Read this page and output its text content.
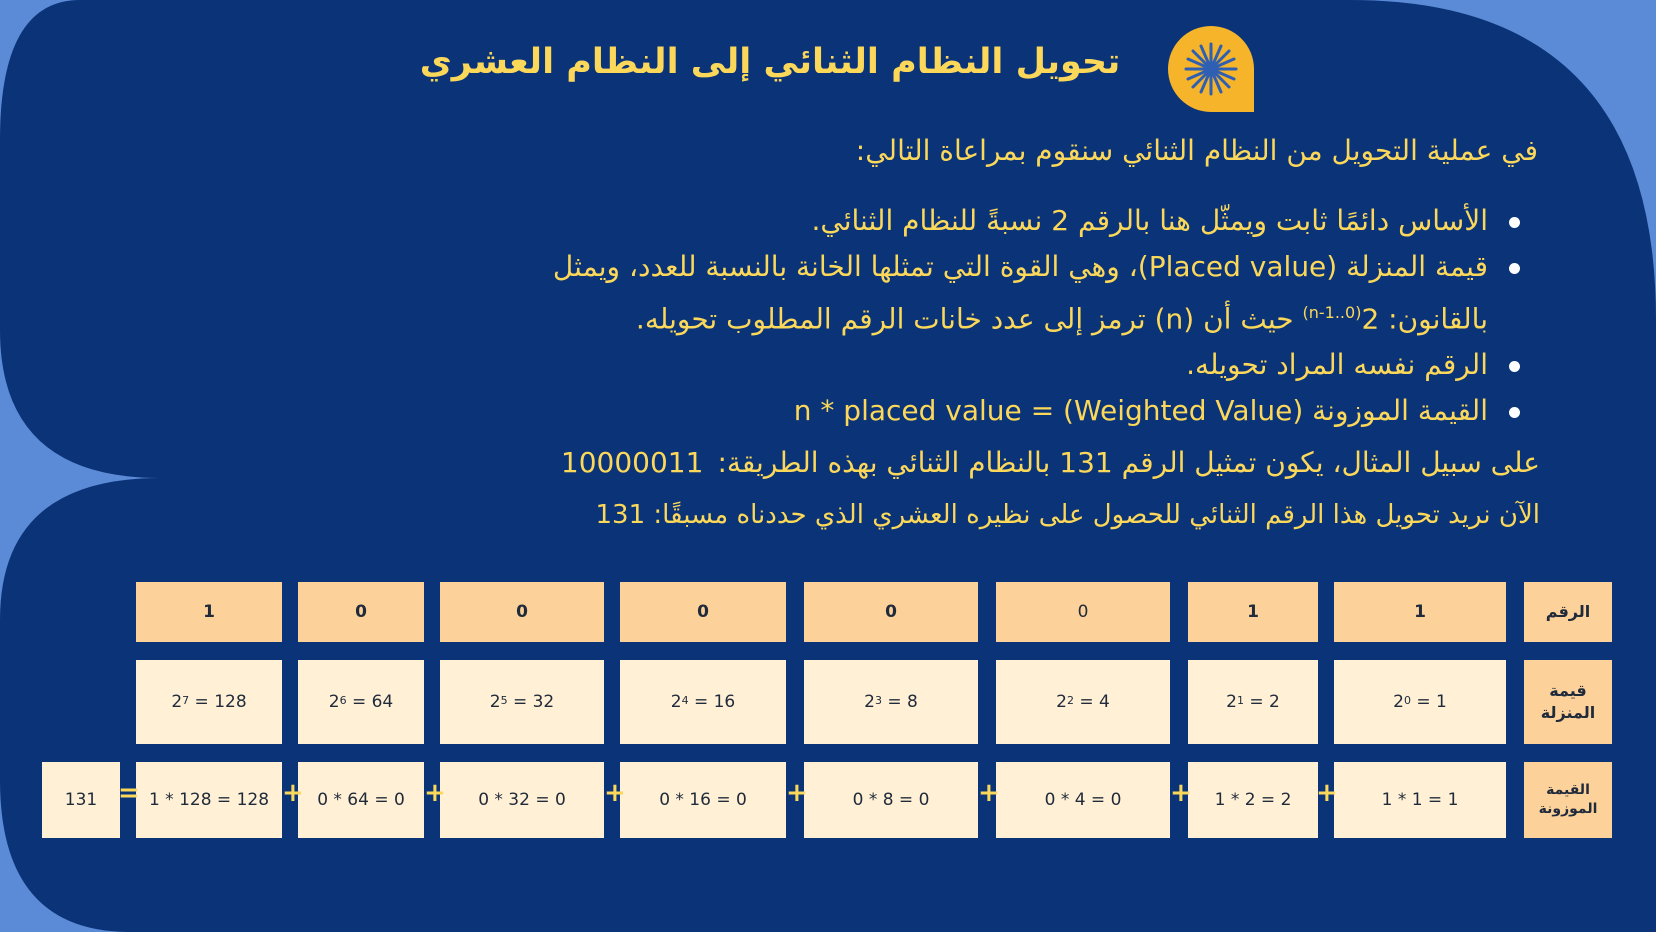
تحويل النظام الثنائي إلى النظام العشري
في عملية التحويل من النظام الثنائي سنقوم بمراعاة التالي:
الأساس دائمًا ثابت ويمثّل هنا بالرقم 2 نسبةً للنظام الثنائي.
قيمة المنزلة (Placed value)، وهي القوة التي تمثلها الخانة بالنسبة للعدد، ويمثل
بالقانون: $2^{(n-1..0)}$ حيث أن (n) ترمز إلى عدد خانات الرقم المطلوب تحويله.
الرقم نفسه المراد تحويله.
القيمة الموزونة (Weighted Value) = n * placed value
على سبيل المثال، يكون تمثيل الرقم 131 بالنظام الثنائي بهذه الطريقة:10000011
الآن نريد تحويل هذا الرقم الثنائي للحصول على نظيره العشري الذي حددناه مسبقًا: 131
الرقم
قيمة
المنزلة
القيمة
الموزونة
1
$2^0 = 1$
1 * 1 = 1
1
$2^1 = 2$
1 * 2 = 2
0
$2^2 = 4$
0 * 4 = 0
0
$2^3 = 8$
0 * 8 = 0
0
$2^4 = 16$
0 * 16 = 0
0
$2^5 = 32$
0 * 32 = 0
0
$2^6 = 64$
0 * 64 = 0
1
$2^7 = 128$
1 * 128 = 128
131	+
+
+
+
+
+
+
=
